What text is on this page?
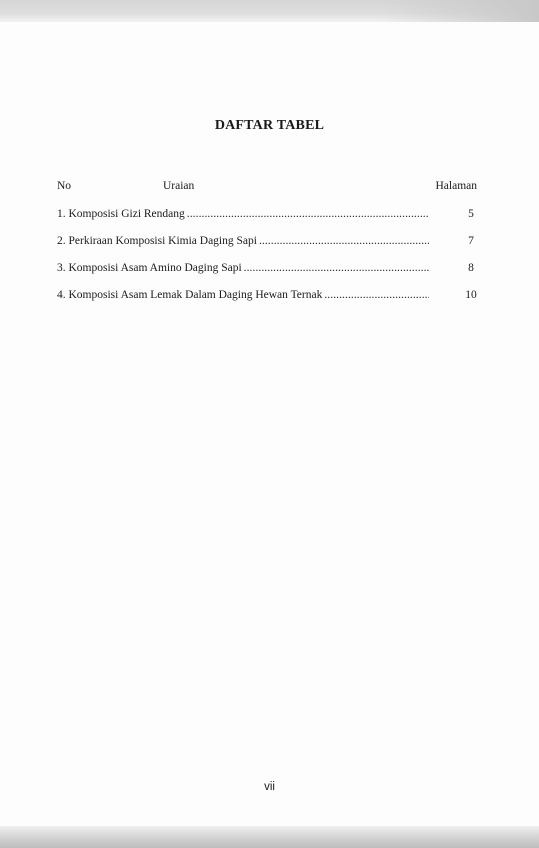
DAFTAR TABEL
No	Uraian	Halaman
1. Komposisi Gizi Rendang . . .	5
2. Perkiraan Komposisi Kimia Daging Sapi . . .	7
3. Komposisi Asam Amino Daging Sapi . . .	8
4. Komposisi Asam Lemak Dalam Daging Hewan Ternak . . .	10
vii
